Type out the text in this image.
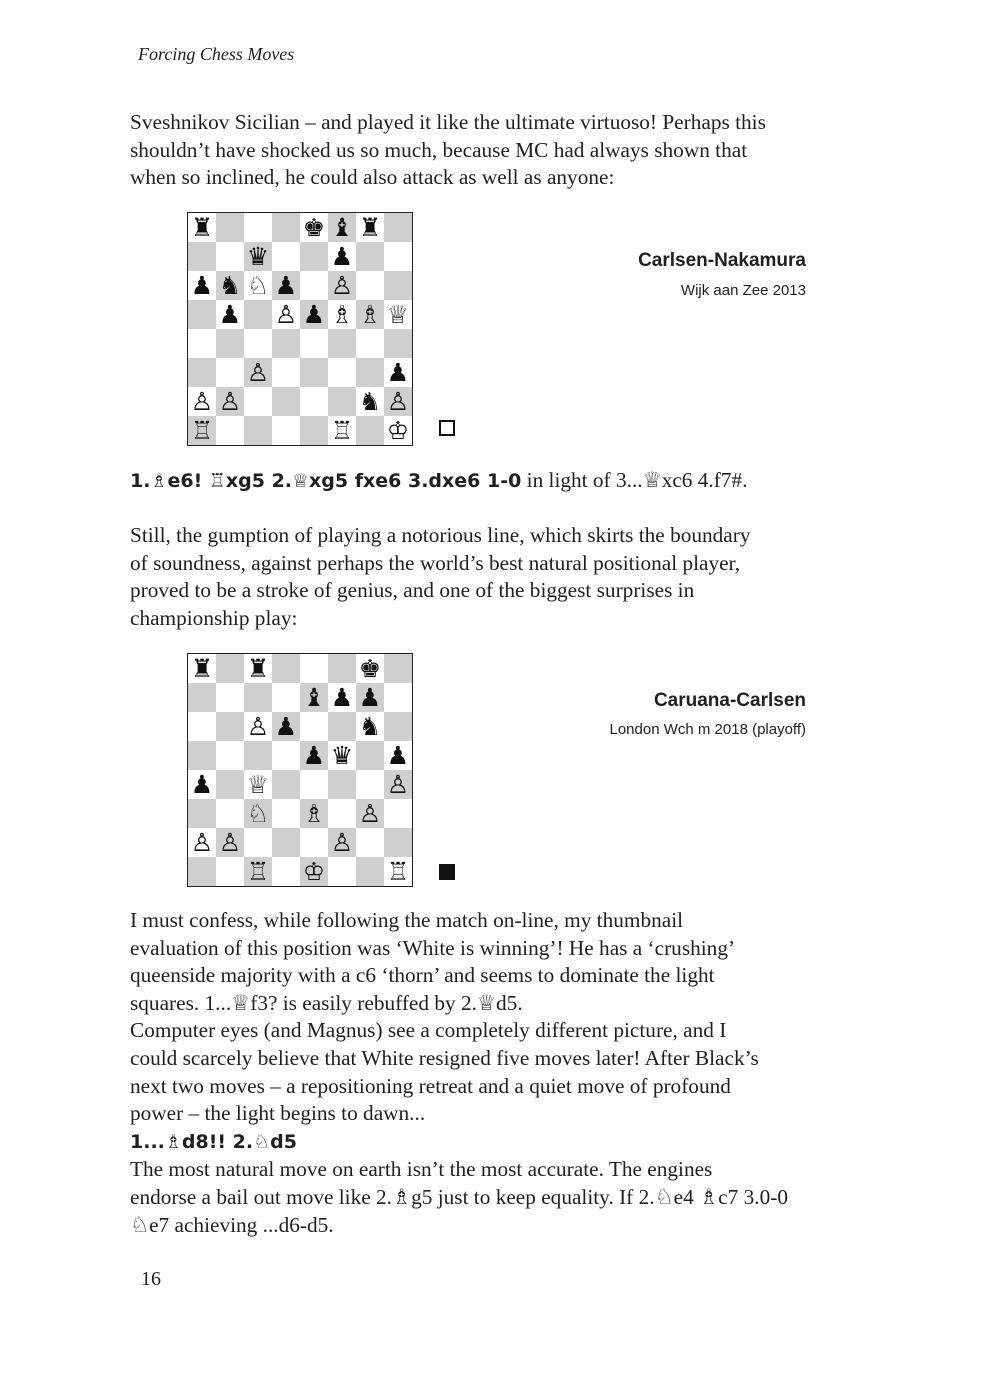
Forcing Chess Moves
Sveshnikov Sicilian – and played it like the ultimate virtuoso! Perhaps this
shouldn’t have shocked us so much, because MC had always shown that
when so inclined, he could also attack as well as anyone:
♜	♚ ♝ ♜
♛ ♟
♟ ♞ ♘ ♟ ♙
♟ ♙ ♟ ♗ ♗ ♕
♙	♟
♙ ♙	♞ ♙
♖	♖ ♔
Carlsen-Nakamura
Wijk aan Zee 2013
1.♗e6! ♖xg5 2.♕xg5 fxe6 3.dxe6 1-0 in light of 3...♕xc6 4.f7#.
Still, the gumption of playing a notorious line, which skirts the boundary
of soundness, against perhaps the world’s best natural positional player,
proved to be a stroke of genius, and one of the biggest surprises in
championship play:
♜ ♜	♚
♝ ♟ ♟
♙ ♟ ♞
♟ ♛ ♟
♟ ♕	♙
♘ ♗ ♙
♙ ♙	♙
♖ ♔ ♖
Caruana-Carlsen
London Wch m 2018 (playoff)
I must confess, while following the match on-line, my thumbnail
evaluation of this position was ‘White is winning’! He has a ‘crushing’
queenside majority with a c6 ‘thorn’ and seems to dominate the light
squares. 1...♕f3? is easily rebuffed by 2.♕d5.
Computer eyes (and Magnus) see a completely different picture, and I
could scarcely believe that White resigned five moves later! After Black’s
next two moves – a repositioning retreat and a quiet move of profound
power – the light begins to dawn...
1...♗d8!! 2.♘d5
The most natural move on earth isn’t the most accurate. The engines
endorse a bail out move like 2.♗g5 just to keep equality. If 2.♘e4 ♗c7 3.0-0
♘e7 achieving ...d6-d5.
16
